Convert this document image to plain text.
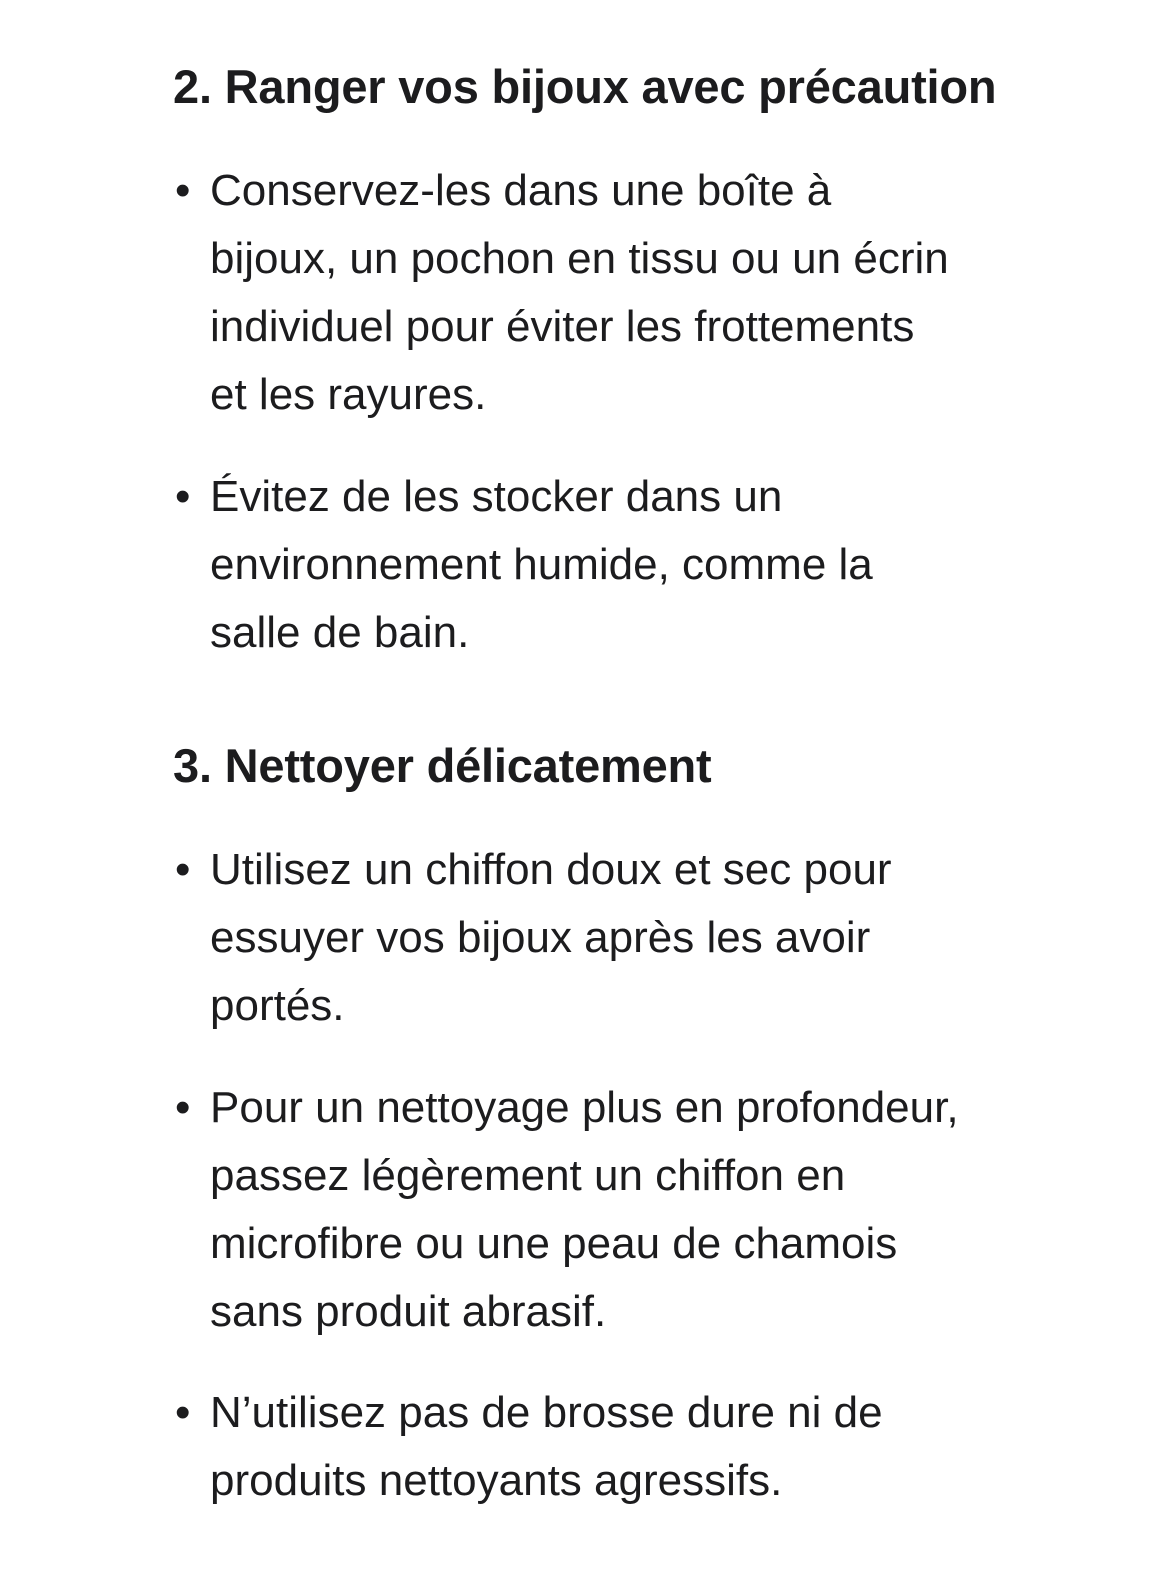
2. Ranger vos bijoux avec précaution
•
Conservez-les dans une boîte à
bijoux, un pochon en tissu ou un écrin
individuel pour éviter les frottements
et les rayures.
•
Évitez de les stocker dans un
environnement humide, comme la
salle de bain.
3. Nettoyer délicatement
•
Utilisez un chiffon doux et sec pour
essuyer vos bijoux après les avoir
portés.
•
Pour un nettoyage plus en profondeur,
passez légèrement un chiffon en
microfibre ou une peau de chamois
sans produit abrasif.
•
N’utilisez pas de brosse dure ni de
produits nettoyants agressifs.
